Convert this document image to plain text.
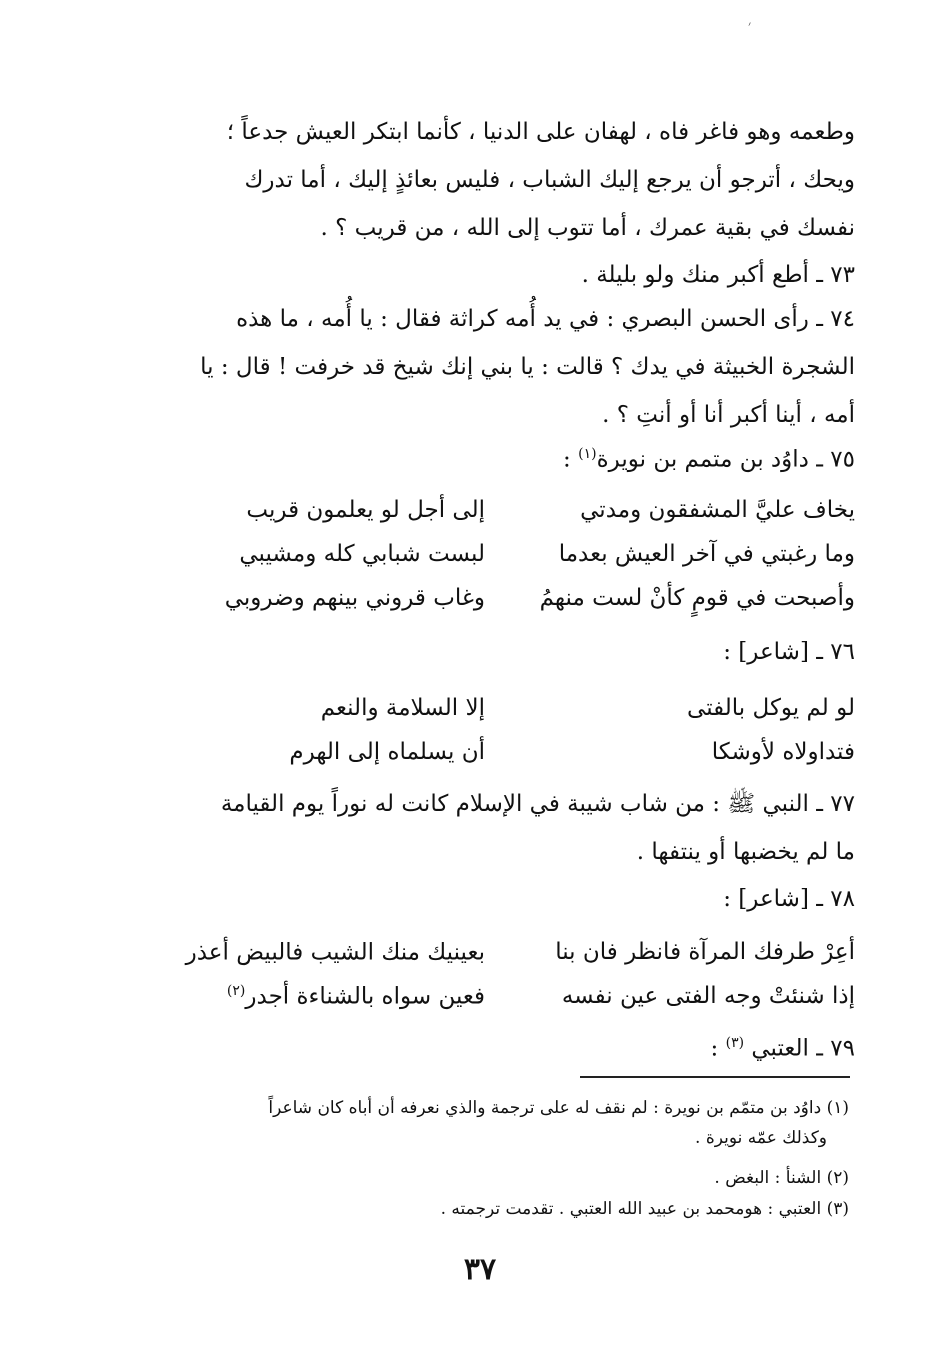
׳
وطعمه وهو فاغر فاه ، لهفان على الدنيا ، كأنما ابتكر العيش جدعاً ؛
ويحك ، أترجو أن يرجع إليك الشباب ، فليس بعائذٍ إليك ، أما تدرك
نفسك في بقية عمرك ، أما تتوب إلى الله ، من قريب ؟ .
٧٣ ـ أطع أكبر منك ولو بليلة .
٧٤ ـ رأى الحسن البصري : في يد أُمه كراثة فقال : يا أُمه ، ما هذه
الشجرة الخبيثة في يدك ؟ قالت : يا بني إنك شيخ قد خرفت ! قال : يا
أمه ، أينا أكبر أنا أو أنتِ ؟ .
٧٥ ـ داوُد بن متمم بن نويرة$^{(١)}$ :
يخاف عليَّ المشفقون ومدتي
إلى أجل لو يعلمون قريب
وما رغبتي في آخر العيش بعدما
لبست شبابي كله ومشيبي
وأصبحت في قومٍ كأنْ لست منهمُ
وغاب قروني بينهم وضروبي
٧٦ ـ [شاعر] :
لو لم يوكل بالفتى
إلا السلامة والنعم
فتداولاه لأوشكا
أن يسلماه إلى الهرم
٧٧ ـ النبي ﷺ : من شاب شيبة في الإسلام كانت له نوراً يوم القيامة
ما لم يخضبها أو ينتفها .
٧٨ ـ [شاعر] :
أعِرْ طرفك المرآة فانظر فان بنا
بعينيك منك الشيب فالبيض أعذر
إذا شنئتْ وجه الفتى عين نفسه
فعين سواه بالشناءة أجدر$^{(٢)}$
٧٩ ـ العتبي $^{(٣)}$ :
(١) داوُد بن متمّم بن نويرة : لم نقف له على ترجمة والذي نعرفه أن أباه كان شاعراً
وكذلك عمّه نويرة .
(٢) الشنأ : البغض .
(٣) العتبي : هومحمد بن عبيد الله العتبي . تقدمت ترجمته .
٣٧
